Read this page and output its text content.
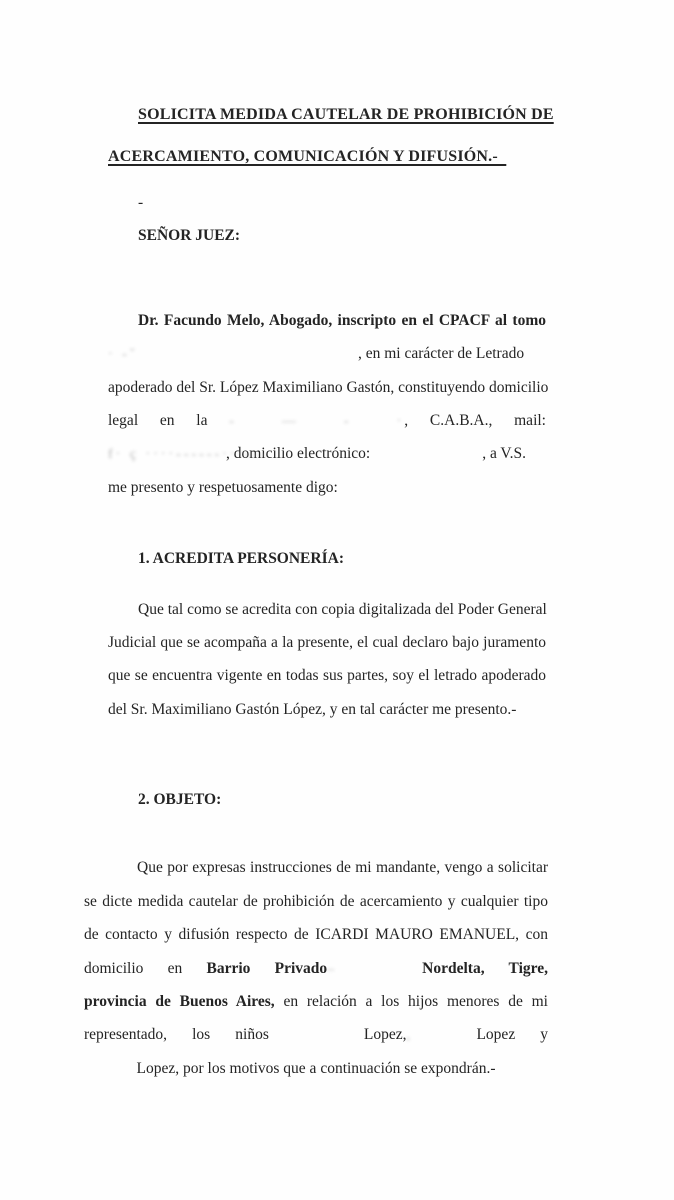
SOLICITA MEDIDA CAUTELAR DE PROHIBICIÓN DE
ACERCAMIENTO, COMUNICACIÓN Y DIFUSIÓN.-
-
SEÑOR JUEZ:
Dr. Facundo Melo, Abogado, inscripto en el CPACF al tomo
· -˘	, en mi carácter de Letrado
apoderado del Sr. López Maximiliano Gastón, constituyendo domicilio
legal en la - — - ·, C.A.B.A., mail:
f· ç ····------···---, domicilio electrónico:	, a V.S.
me presento y respetuosamente digo:
1. ACREDITA PERSONERÍA:
Que tal como se acredita con copia digitalizada del Poder General
Judicial que se acompaña a la presente, el cual declaro bajo juramento
que se encuentra vigente en todas sus partes, soy el letrado apoderado
del Sr. Maximiliano Gastón López, y en tal carácter me presento.-
2. OBJETO:
Que por expresas instrucciones de mi mandante, vengo a solicitar
se dicte medida cautelar de prohibición de acercamiento y cualquier tipo
de contacto y difusión respecto de ICARDI MAURO EMANUEL, con
domicilio en Barrio Privado–	Nordelta, Tigre,
provincia de Buenos Aires, en relación a los hijos menores de mi
representado, los niños	Lopez,,	Lopez y
Lopez, por los motivos que a continuación se expondrán.-
